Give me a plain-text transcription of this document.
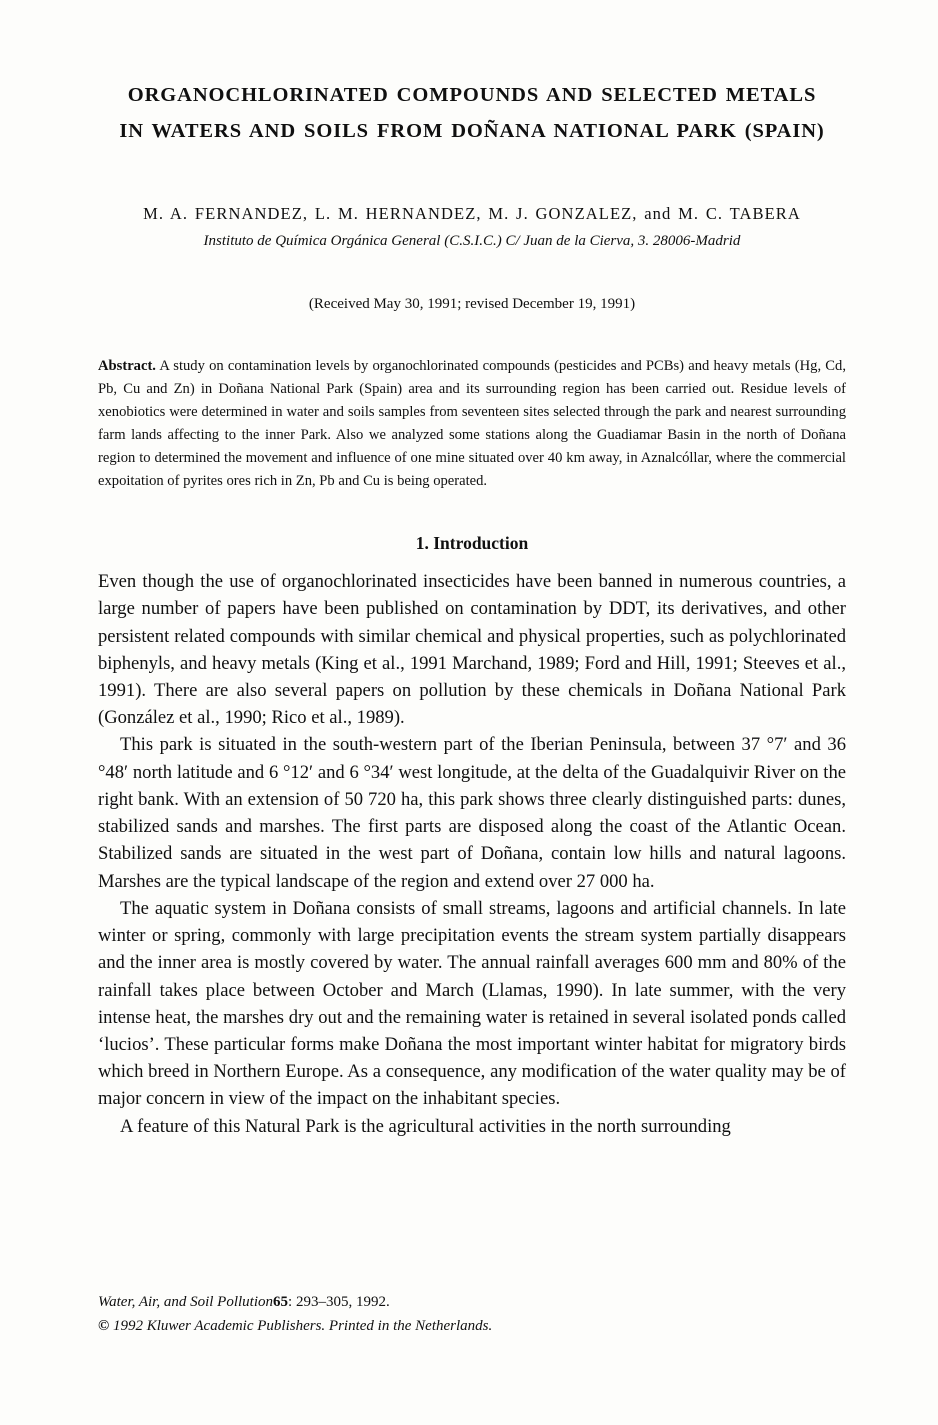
ORGANOCHLORINATED COMPOUNDS AND SELECTED METALS
IN WATERS AND SOILS FROM DOÑANA NATIONAL PARK (SPAIN)
M. A. FERNANDEZ, L. M. HERNANDEZ, M. J. GONZALEZ, and M. C. TABERA
Instituto de Química Orgánica General (C.S.I.C.) C/ Juan de la Cierva, 3. 28006-Madrid
(Received May 30, 1991; revised December 19, 1991)
Abstract. A study on contamination levels by organochlorinated compounds (pesticides and PCBs) and heavy metals (Hg, Cd, Pb, Cu and Zn) in Doñana National Park (Spain) area and its surrounding region has been carried out. Residue levels of xenobiotics were determined in water and soils samples from seventeen sites selected through the park and nearest surrounding farm lands affecting to the inner Park. Also we analyzed some stations along the Guadiamar Basin in the north of Doñana region to determined the movement and influence of one mine situated over 40 km away, in Aznalcóllar, where the commercial expoitation of pyrites ores rich in Zn, Pb and Cu is being operated.
1. Introduction

Even though the use of organochlorinated insecticides have been banned in numerous countries, a large number of papers have been published on contamination by DDT, its derivatives, and other persistent related compounds with similar chemical and physical properties, such as polychlorinated biphenyls, and heavy metals (King et al., 1991 Marchand, 1989; Ford and Hill, 1991; Steeves et al., 1991). There are also several papers on pollution by these chemicals in Doñana National Park (González et al., 1990; Rico et al., 1989).

This park is situated in the south-western part of the Iberian Peninsula, between 37 °7′ and 36 °48′ north latitude and 6 °12′ and 6 °34′ west longitude, at the delta of the Guadalquivir River on the right bank. With an extension of 50 720 ha, this park shows three clearly distinguished parts: dunes, stabilized sands and marshes. The first parts are disposed along the coast of the Atlantic Ocean. Stabilized sands are situated in the west part of Doñana, contain low hills and natural lagoons. Marshes are the typical landscape of the region and extend over 27 000 ha.

The aquatic system in Doñana consists of small streams, lagoons and artificial channels. In late winter or spring, commonly with large precipitation events the stream system partially disappears and the inner area is mostly covered by water. The annual rainfall averages 600 mm and 80% of the rainfall takes place between October and March (Llamas, 1990). In late summer, with the very intense heat, the marshes dry out and the remaining water is retained in several isolated ponds called ‘lucios’. These particular forms make Doñana the most important winter habitat for migratory birds which breed in Northern Europe. As a consequence, any modification of the water quality may be of major concern in view of the impact on the inhabitant species.

A feature of this Natural Park is the agricultural activities in the north surrounding

Water, Air, and Soil Pollution65: 293–305, 1992.
© 1992 Kluwer Academic Publishers. Printed in the Netherlands.
